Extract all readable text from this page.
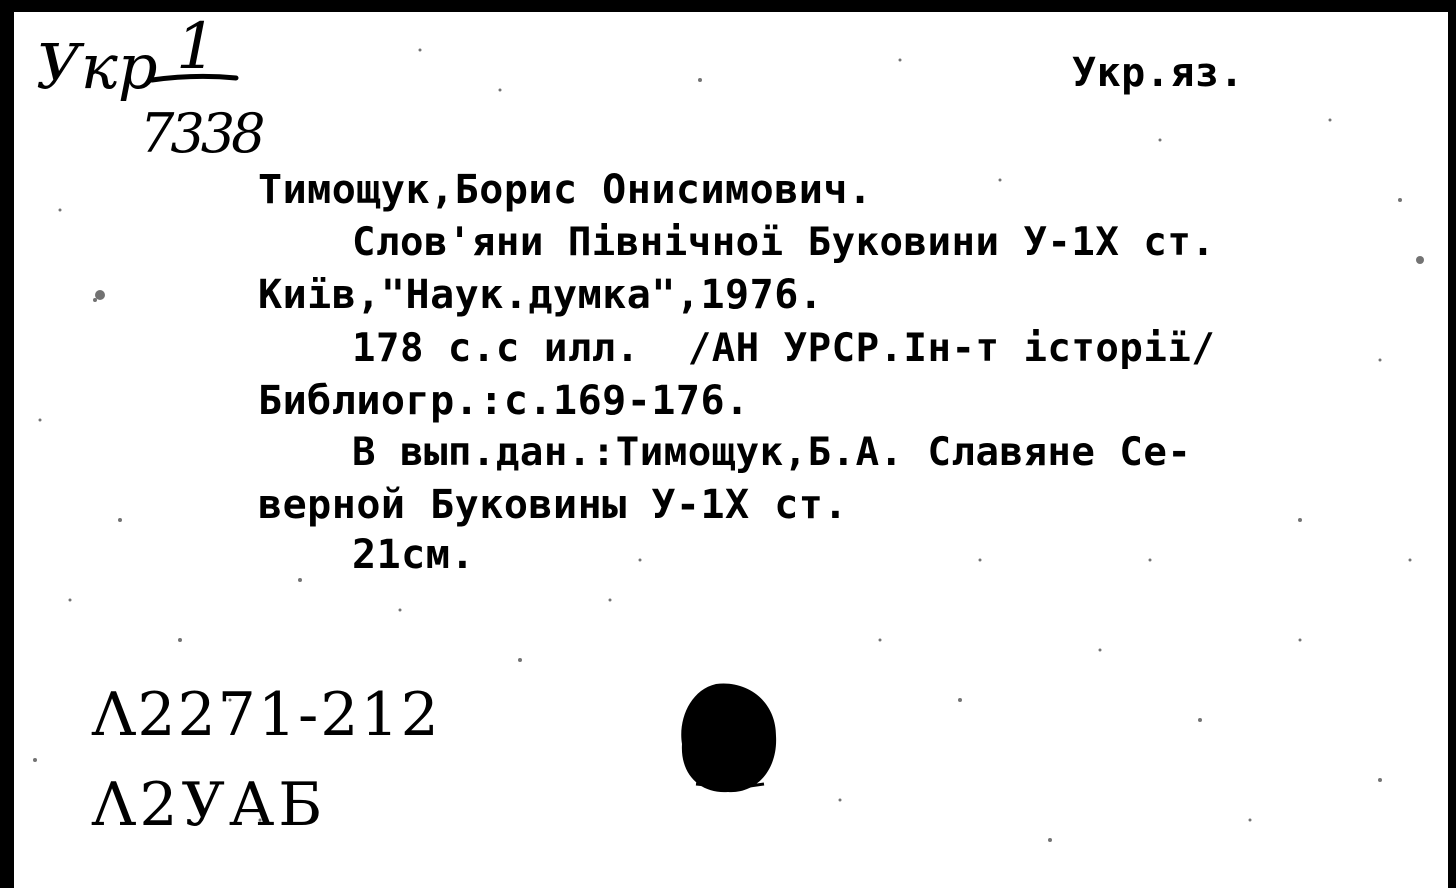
Укр 1
7338
Укр.яз.
Тимощук,Борис Онисимович.
Слов'яни Північної Буковини У-1Х ст.
Київ,"Наук.думка",1976.
178 с.с илл.  /АН УРСР.Ін-т історії/
Библиогр.:с.169-176.
В вып.дан.:Тимощук,Б.А. Славяне Се-
верной Буковины У-1Х ст.
21см.
Λ2271-212
Λ2УАБ
